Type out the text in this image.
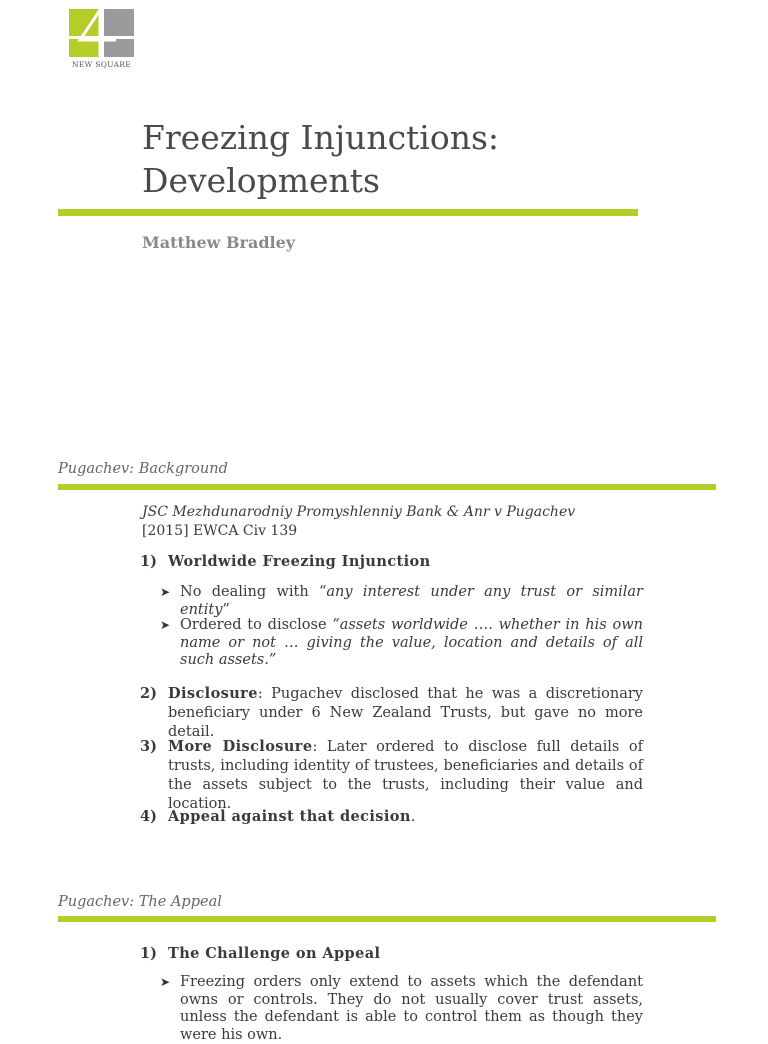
NEW SQUARE
Freezing Injunctions:
Developments
Matthew Bradley
Pugachev: Background
JSC Mezhdunarodniy Promyshlenniy Bank & Anr v Pugachev
[2015] EWCA Civ 139
1) Worldwide Freezing Injunction
➤ No dealing with “any interest under any trust or similar entity”
➤ Ordered to disclose “assets worldwide …. whether in his own name or not … giving the value, location and details of all such assets.”
2) Disclosure: Pugachev disclosed that he was a discretionary beneficiary under 6 New Zealand Trusts, but gave no more detail.
3) More Disclosure: Later ordered to disclose full details of trusts, including identity of trustees, beneficiaries and details of the assets subject to the trusts, including their value and location.
4) Appeal against that decision.
Pugachev: The Appeal
1) The Challenge on Appeal
➤ Freezing orders only extend to assets which the defendant owns or controls. They do not usually cover trust assets, unless the defendant is able to control them as though they were his own.
